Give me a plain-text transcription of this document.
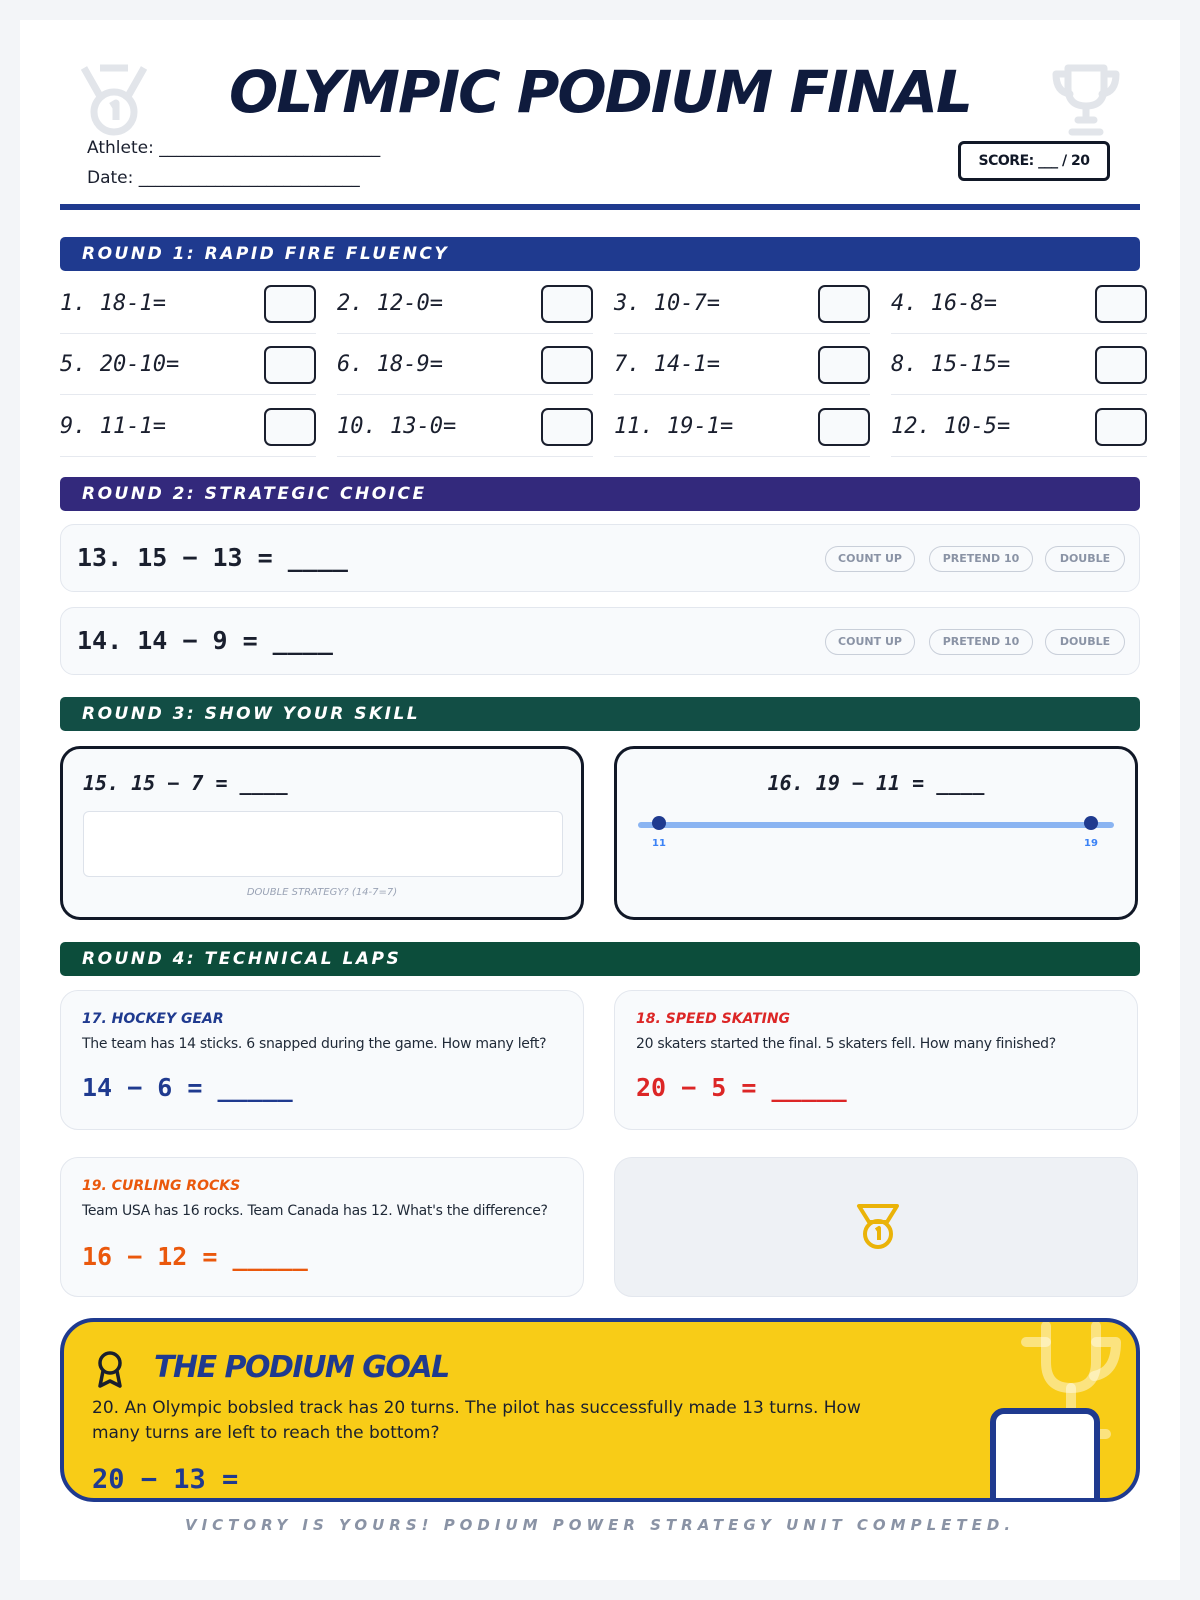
OLYMPIC PODIUM FINAL
Athlete: __________________________
Date: __________________________
SCORE: ___ / 20
ROUND 1: RAPID FIRE FLUENCY
1. 18-1=	2. 12-0=	3. 10-7=	4. 16-8=
5. 20-10=	6. 18-9=	7. 14-1=	8. 15-15=
9. 11-1=	10. 13-0=	11. 19-1=	12. 10-5=
ROUND 2: STRATEGIC CHOICE
13. 15 − 13 = ____	COUNT UP	PRETEND 10	DOUBLE
14. 14 − 9 = ____	COUNT UP	PRETEND 10	DOUBLE
ROUND 3: SHOW YOUR SKILL
15. 15 − 7 = ____
DOUBLE STRATEGY? (14-7=7)
16. 19 − 11 = ____
11	19
ROUND 4: TECHNICAL LAPS
17. HOCKEY GEAR
The team has 14 sticks. 6 snapped during the game. How many left?
14 − 6 = _____
18. SPEED SKATING
20 skaters started the final. 5 skaters fell. How many finished?
20 − 5 = _____
19. CURLING ROCKS
Team USA has 16 rocks. Team Canada has 12. What's the difference?
16 − 12 = _____
THE PODIUM GOAL
20. An Olympic bobsled track has 20 turns. The pilot has successfully made 13 turns. How
many turns are left to reach the bottom?
20 − 13 =
VICTORY IS YOURS! PODIUM POWER STRATEGY UNIT COMPLETED.
